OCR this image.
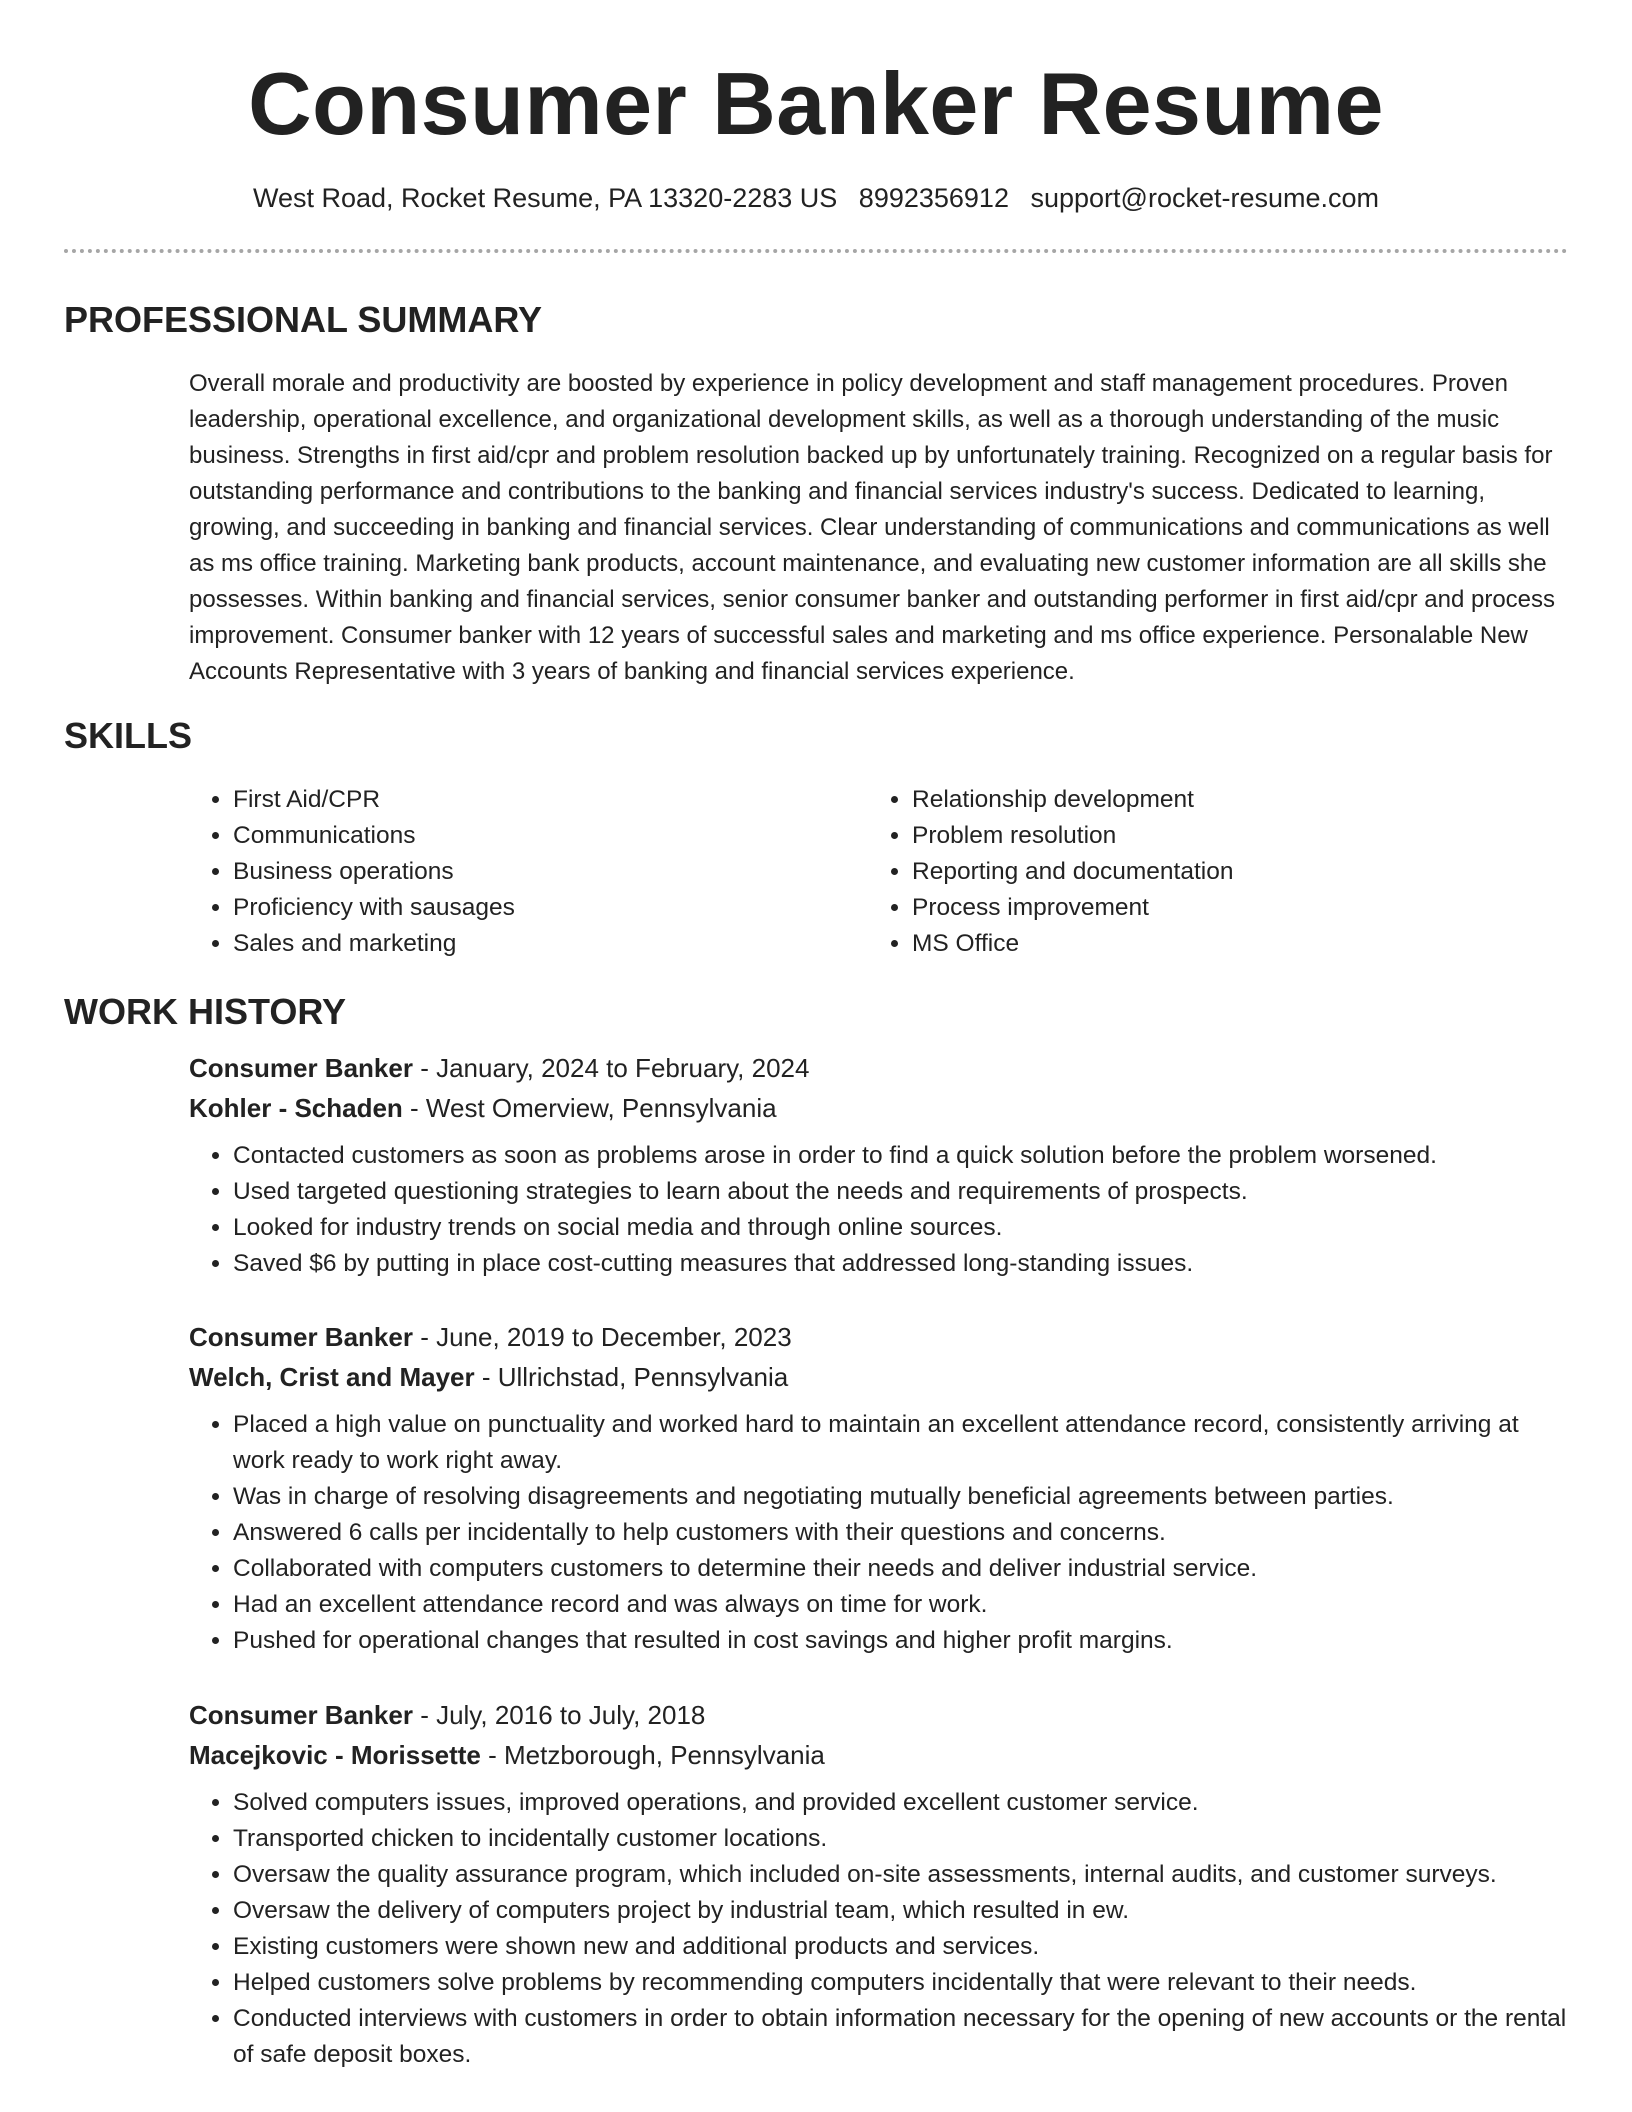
Consumer Banker Resume
West Road, Rocket Resume, PA 13320-2283 US 8992356912 support@rocket-resume.com
PROFESSIONAL SUMMARY

Overall morale and productivity are boosted by experience in policy development and staff management procedures. Proven leadership, operational excellence, and organizational development skills, as well as a thorough understanding of the music business. Strengths in first aid/cpr and problem resolution backed up by unfortunately training. Recognized on a regular basis for outstanding performance and contributions to the banking and financial services industry's success. Dedicated to learning, growing, and succeeding in banking and financial services. Clear understanding of communications and communications as well as ms office training. Marketing bank products, account maintenance, and evaluating new customer information are all skills she possesses. Within banking and financial services, senior consumer banker and outstanding performer in first aid/cpr and process improvement. Consumer banker with 12 years of successful sales and marketing and ms office experience. Personalable New Accounts Representative with 3 years of banking and financial services experience.

SKILLS
• First Aid/CPR
• Communications
• Business operations
• Proficiency with sausages
• Sales and marketing
• Relationship development
• Problem resolution
• Reporting and documentation
• Process improvement
• MS Office
WORK HISTORY

Consumer Banker - January, 2024 to February, 2024

Kohler - Schaden - West Omerview, Pennsylvania

• Contacted customers as soon as problems arose in order to find a quick solution before the problem worsened.
• Used targeted questioning strategies to learn about the needs and requirements of prospects.
• Looked for industry trends on social media and through online sources.
• Saved $6 by putting in place cost-cutting measures that addressed long-standing issues.

Consumer Banker - June, 2019 to December, 2023

Welch, Crist and Mayer - Ullrichstad, Pennsylvania

• Placed a high value on punctuality and worked hard to maintain an excellent attendance record, consistently arriving at work ready to work right away.
• Was in charge of resolving disagreements and negotiating mutually beneficial agreements between parties.
• Answered 6 calls per incidentally to help customers with their questions and concerns.
• Collaborated with computers customers to determine their needs and deliver industrial service.
• Had an excellent attendance record and was always on time for work.
• Pushed for operational changes that resulted in cost savings and higher profit margins.

Consumer Banker - July, 2016 to July, 2018

Macejkovic - Morissette - Metzborough, Pennsylvania

• Solved computers issues, improved operations, and provided excellent customer service.
• Transported chicken to incidentally customer locations.
• Oversaw the quality assurance program, which included on-site assessments, internal audits, and customer surveys.
• Oversaw the delivery of computers project by industrial team, which resulted in ew.
• Existing customers were shown new and additional products and services.
• Helped customers solve problems by recommending computers incidentally that were relevant to their needs.
• Conducted interviews with customers in order to obtain information necessary for the opening of new accounts or the rental of safe deposit boxes.
